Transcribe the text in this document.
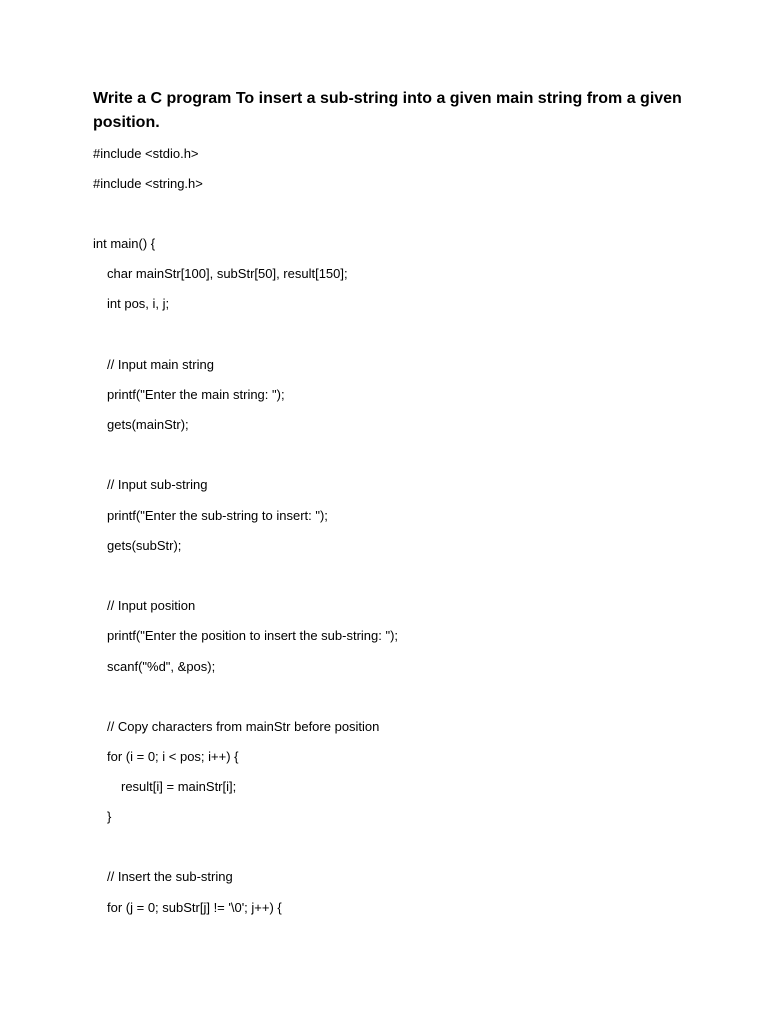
Write a C program To insert a sub-string into a given main string from a given position.

#include <stdio.h>

#include <string.h>

int main() {

char mainStr[100], subStr[50], result[150];

int pos, i, j;

// Input main string

printf("Enter the main string: ");

gets(mainStr);

// Input sub-string

printf("Enter the sub-string to insert: ");

gets(subStr);

// Input position

printf("Enter the position to insert the sub-string: ");

scanf("%d", &pos);

// Copy characters from mainStr before position

for (i = 0; i < pos; i++) {

result[i] = mainStr[i];

}

// Insert the sub-string

for (j = 0; subStr[j] != '\0'; j++) {
